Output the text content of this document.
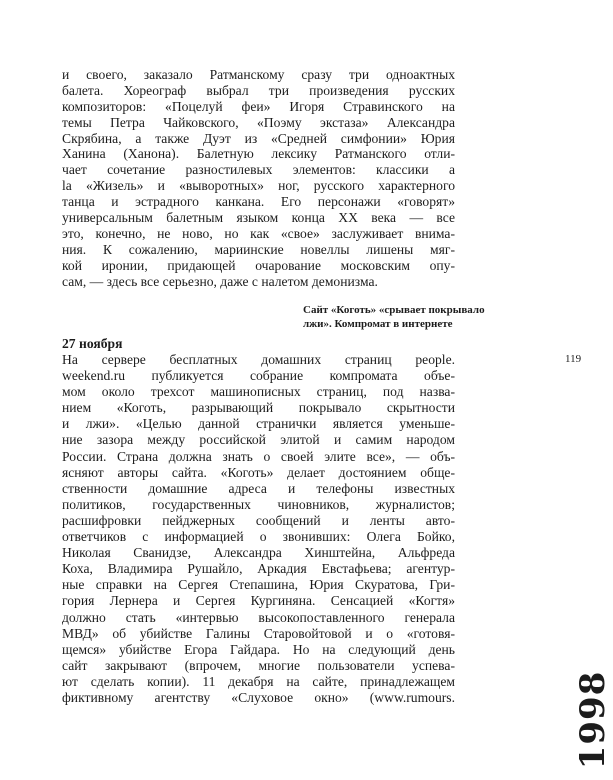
и своего, заказало Ратманскому сразу три одноактных
балета. Хореограф выбрал три произведения русских
композиторов: «Поцелуй феи» Игоря Стравинского на
темы Петра Чайковского, «Поэму экстаза» Александра
Скрябина, а также Дуэт из «Средней симфонии» Юрия
Ханина (Ханона). Балетную лексику Ратманского отли-
чает сочетание разностилевых элементов: классики а
la «Жизель» и «выворотных» ног, русского характерного
танца и эстрадного канкана. Его персонажи «говорят»
универсальным балетным языком конца XX века — все
это, конечно, не ново, но как «свое» заслуживает внима-
ния. К сожалению, мариинские новеллы лишены мяг-
кой иронии, придающей очарование московским опу-
сам, — здесь все серьезно, даже с налетом демонизма.
Сайт «Коготь» «срывает покрывало
лжи». Компромат в интернете
27 ноября
На сервере бесплатных домашних страниц people.
weekend.ru публикуется собрание компромата объе-
мом около трехсот машинописных страниц, под назва-
нием «Коготь, разрывающий покрывало скрытности
и лжи». «Целью данной странички является уменьше-
ние зазора между российской элитой и самим народом
России. Страна должна знать о своей элите все», — объ-
ясняют авторы сайта. «Коготь» делает достоянием обще-
ственности домашние адреса и телефоны известных
политиков, государственных чиновников, журналистов;
расшифровки пейджерных сообщений и ленты авто-
ответчиков с информацией о звонивших: Олега Бойко,
Николая Сванидзе, Александра Хинштейна, Альфреда
Коха, Владимира Рушайло, Аркадия Евстафьева; агентур-
ные справки на Сергея Степашина, Юрия Скуратова, Гри-
гория Лернера и Сергея Кургиняна. Сенсацией «Когтя»
должно стать «интервью высокопоставленного генерала
МВД» об убийстве Галины Старовойтовой и о «готовя-
щемся» убийстве Егора Гайдара. Но на следующий день
сайт закрывают (впрочем, многие пользователи успева-
ют сделать копии). 11 декабря на сайте, принадлежащем
фиктивному агентству «Слуховое окно» (www.rumours.
119
1998
